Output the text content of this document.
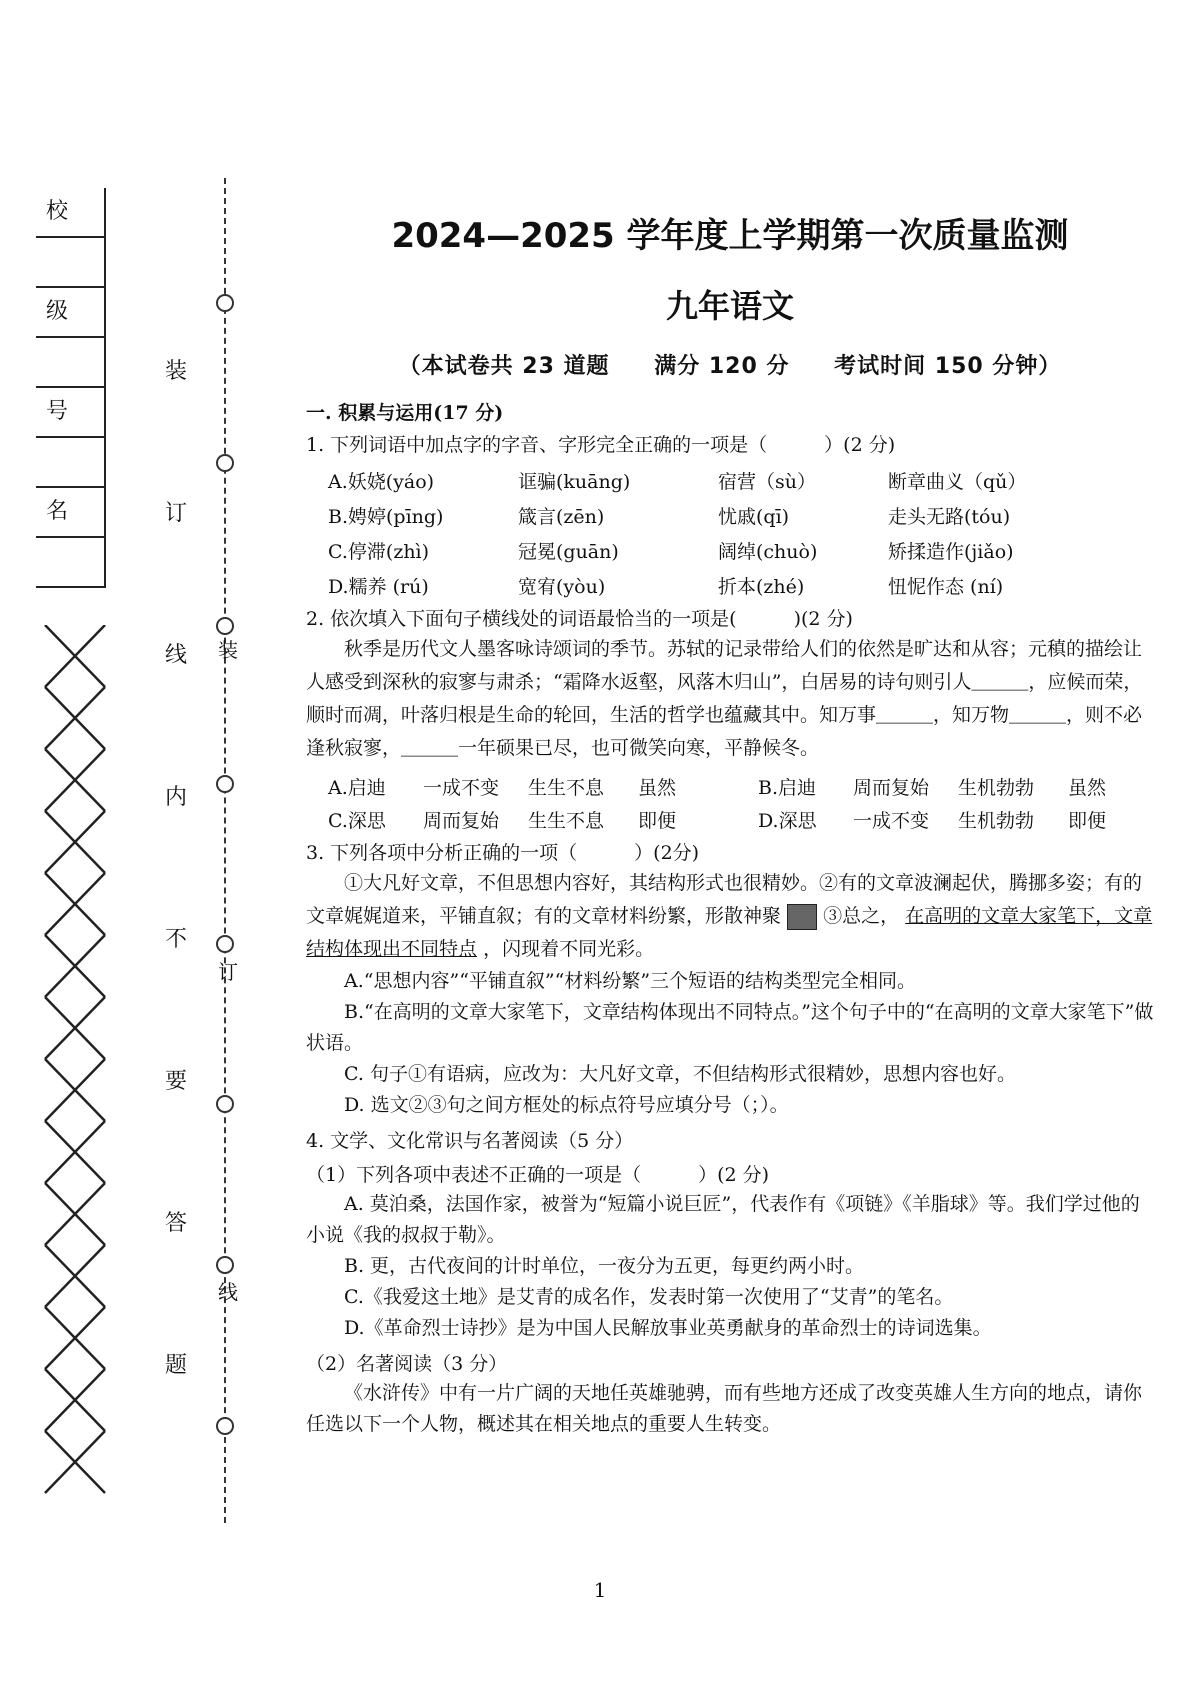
校
级
号
名
装
订
线
内
不
要
答
题
装
订
线
2024—2025 学年度上学期第一次质量监测
九年语文
（本试卷共 23 道题 满分 120 分 考试时间 150 分钟）
一. 积累与运用(17 分)
1. 下列词语中加点字的字音、字形完全正确的一项是（　　　）(2 分)
A.妖娆(yáo)	诓骗(kuāng)	宿营（sù）	断章曲义（qǔ）
B.娉婷(pīng)	箴言(zēn)	忧戚(qī)	走头无路(tóu)
C.停滞(zhì)	冠冕(guān)	阔绰(chuò)	矫揉造作(jiǎo)
D.糯养 (rú)	宽宥(yòu)	折本(zhé)	忸怩作态 (ní)
2. 依次填入下面句子横线处的词语最恰当的一项是(　　　)(2 分)
秋季是历代文人墨客咏诗颂词的季节。苏轼的记录带给人们的依然是旷达和从容；元稹的描绘让人感受到深秋的寂寥与肃杀；“霜降水返壑，风落木归山”，白居易的诗句则引人＿＿＿，应候而荣，顺时而凋，叶落归根是生命的轮回，生活的哲学也蕴藏其中。知万事＿＿＿，知万物＿＿＿，则不必逢秋寂寥，＿＿＿一年硕果已尽，也可微笑向寒，平静候冬。
A.启迪	一成不变	生生不息	虽然	B.启迪	周而复始	生机勃勃	虽然
C.深思	周而复始	生生不息	即便	D.深思	一成不变	生机勃勃	即便
3. 下列各项中分析正确的一项（　　　）(2分)
①大凡好文章，不但思想内容好，其结构形式也很精妙。②有的文章波澜起伏，腾挪多姿；有的文章娓娓道来，平铺直叙；有的文章材料纷繁，形散神聚 ③总之， 在高明的文章大家笔下，文章结构体现出不同特点 ，闪现着不同光彩。
A.“思想内容”“平铺直叙”“材料纷繁”三个短语的结构类型完全相同。
B.“在高明的文章大家笔下，文章结构体现出不同特点。”这个句子中的“在高明的文章大家笔下”做状语。
C. 句子①有语病，应改为：大凡好文章，不但结构形式很精妙，思想内容也好。
D. 选文②③句之间方框处的标点符号应填分号（；）。
4. 文学、文化常识与名著阅读（5 分）
（1）下列各项中表述不正确的一项是（　　　）(2 分)
A. 莫泊桑，法国作家，被誉为“短篇小说巨匠”，代表作有《项链》《羊脂球》等。我们学过他的小说《我的叔叔于勒》。
B. 更，古代夜间的计时单位，一夜分为五更，每更约两小时。
C.《我爱这土地》是艾青的成名作，发表时第一次使用了“艾青”的笔名。
D.《革命烈士诗抄》是为中国人民解放事业英勇献身的革命烈士的诗词选集。
（2）名著阅读（3 分）
《水浒传》中有一片广阔的天地任英雄驰骋，而有些地方还成了改变英雄人生方向的地点，请你任选以下一个人物，概述其在相关地点的重要人生转变。
1
